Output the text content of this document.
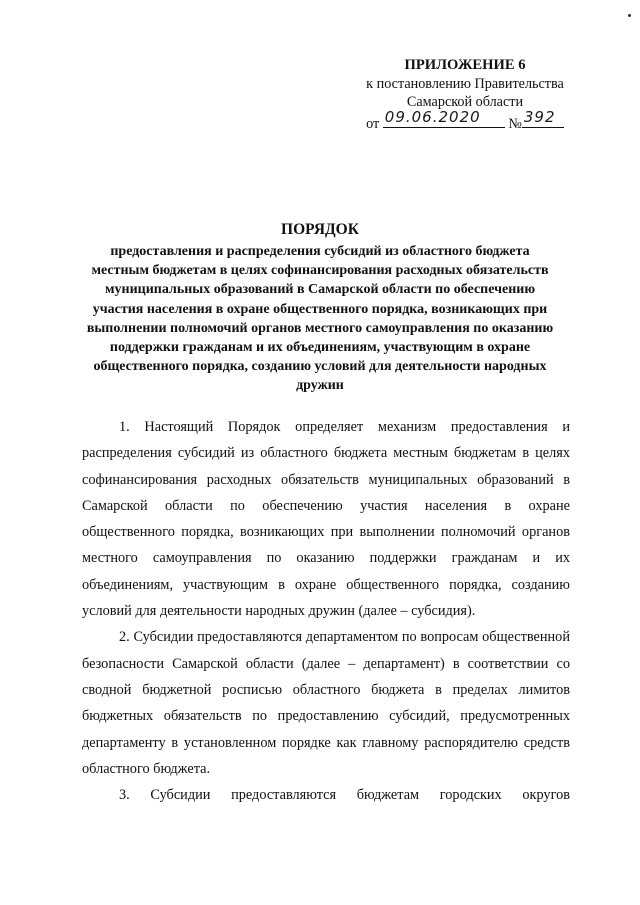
ПРИЛОЖЕНИЕ 6
к постановлению Правительства
Самарской области
от 09.06.2020 № 392
ПОРЯДОК
предоставления и распределения субсидий из областного бюджета местным бюджетам в целях софинансирования расходных обязательств муниципальных образований в Самарской области по обеспечению участия населения в охране общественного порядка, возникающих при выполнении полномочий органов местного самоуправления по оказанию поддержки гражданам и их объединениям, участвующим в охране общественного порядка, созданию условий для деятельности народных дружин

1. Настоящий Порядок определяет механизм предоставления и распределения субсидий из областного бюджета местным бюджетам в целях софинансирования расходных обязательств муниципальных образований в Самарской области по обеспечению участия населения в охране общественного порядка, возникающих при выполнении полномочий органов местного самоуправления по оказанию поддержки гражданам и их объединениям, участвующим в охране общественного порядка, созданию условий для деятельности народных дружин (далее – субсидия).

2. Субсидии предоставляются департаментом по вопросам общественной безопасности Самарской области (далее – департамент) в соответствии со сводной бюджетной росписью областного бюджета в пределах лимитов бюджетных обязательств по предоставлению субсидий, предусмотренных департаменту в установленном порядке как главному распорядителю средств областного бюджета.

3. Субсидии предоставляются бюджетам городских округов
